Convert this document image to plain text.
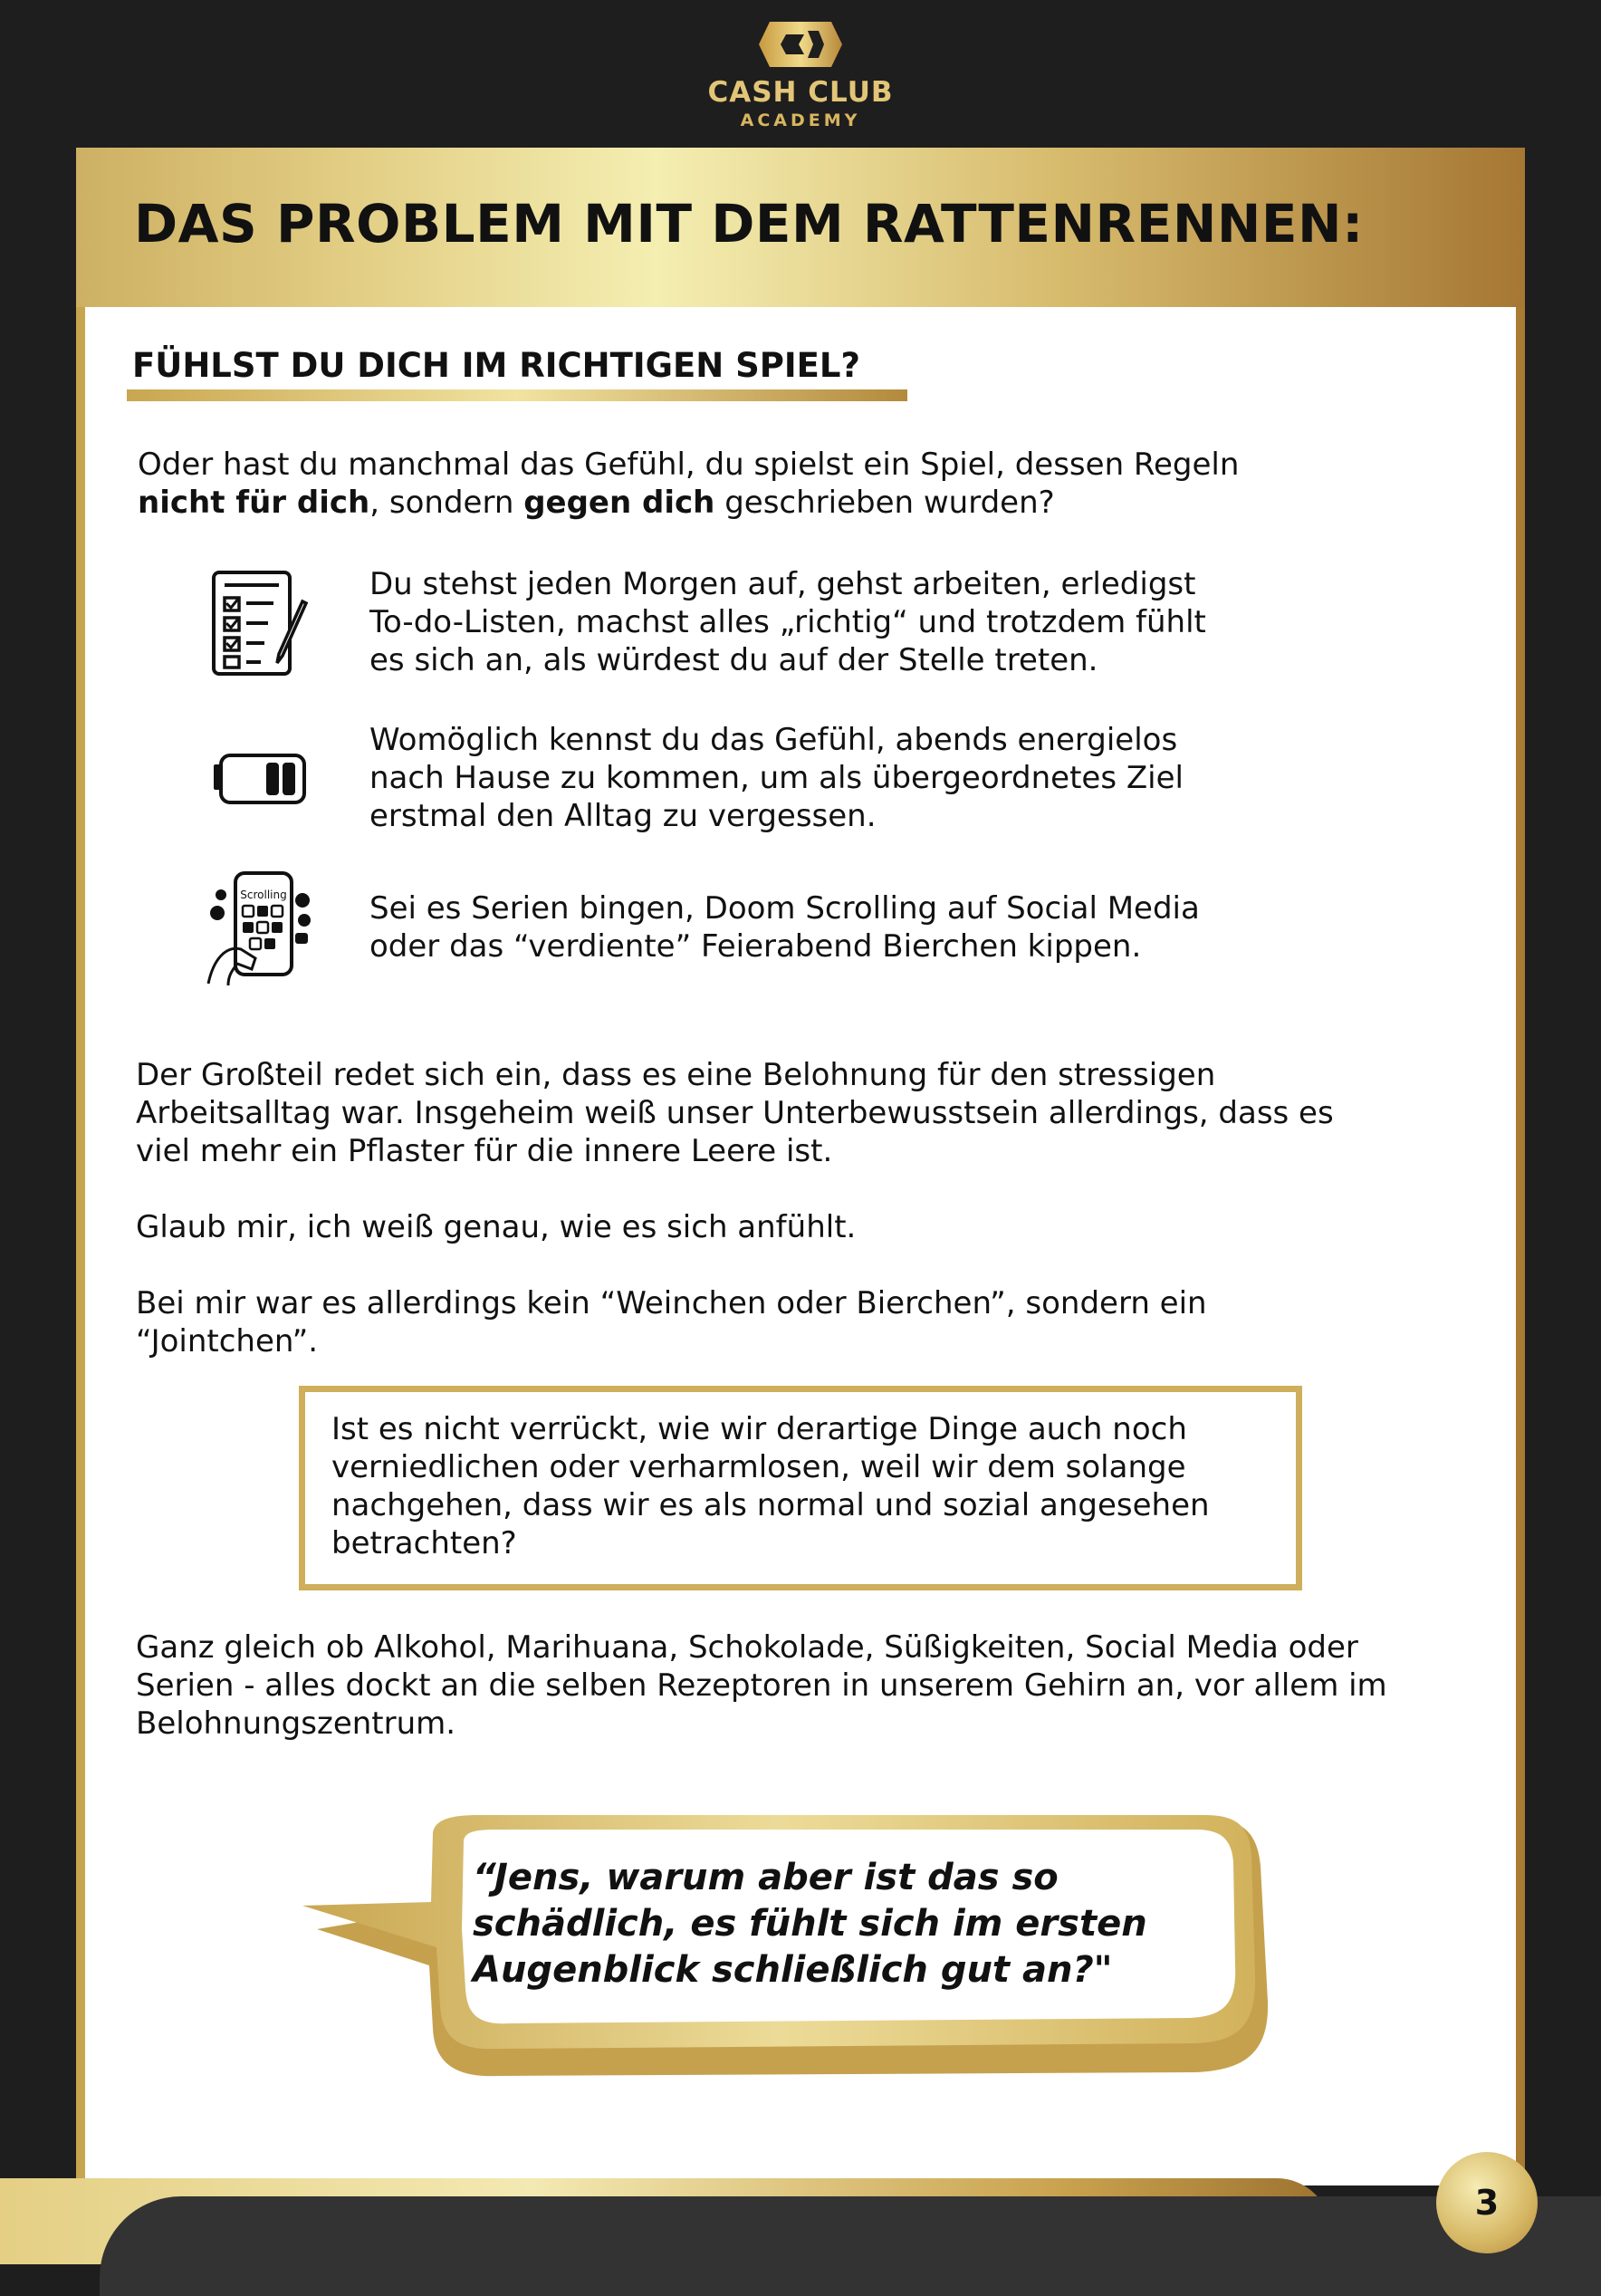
CASH CLUB
ACADEMY
DAS PROBLEM MIT DEM RATTENRENNEN:
FÜHLST DU DICH IM RICHTIGEN SPIEL?

Oder hast du manchmal das Gefühl, du spielst ein Spiel, dessen Regeln
nicht für dich, sondern gegen dich geschrieben wurden?

Du stehst jeden Morgen auf, gehst arbeiten, erledigst
To-do-Listen, machst alles „richtig“ und trotzdem fühlt
es sich an, als würdest du auf der Stelle treten.

Womöglich kennst du das Gefühl, abends energielos
nach Hause zu kommen, um als übergeordnetes Ziel
erstmal den Alltag zu vergessen.

Scrolling	Sei es Serien bingen, Doom Scrolling auf Social Media
oder das “verdiente” Feierabend Bierchen kippen.

Der Großteil redet sich ein, dass es eine Belohnung für den stressigen
Arbeitsalltag war. Insgeheim weiß unser Unterbewusstsein allerdings, dass es
viel mehr ein Pflaster für die innere Leere ist.

Glaub mir, ich weiß genau, wie es sich anfühlt.

Bei mir war es allerdings kein “Weinchen oder Bierchen”, sondern ein
“Jointchen”.

Ist es nicht verrückt, wie wir derartige Dinge auch noch
verniedlichen oder verharmlosen, weil wir dem solange
nachgehen, dass wir es als normal und sozial angesehen
betrachten?

Ganz gleich ob Alkohol, Marihuana, Schokolade, Süßigkeiten, Social Media oder
Serien - alles dockt an die selben Rezeptoren in unserem Gehirn an, vor allem im
Belohnungszentrum.

“Jens, warum aber ist das so
schädlich, es fühlt sich im ersten
Augenblick schließlich gut an?"

3
